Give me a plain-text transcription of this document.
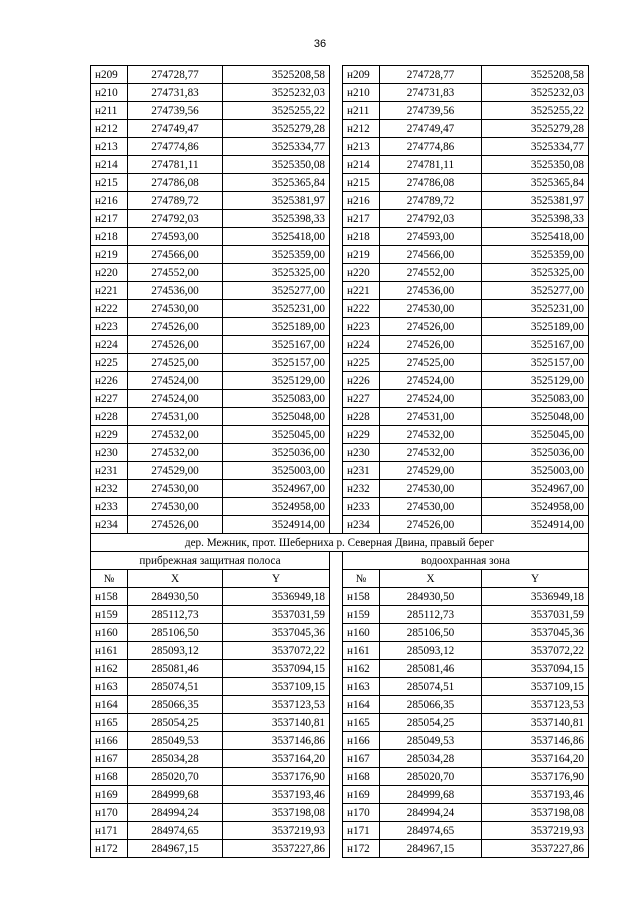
36
н209	274728,77	3525208,58		н209	274728,77	3525208,58
н210	274731,83	3525232,03		н210	274731,83	3525232,03
н211	274739,56	3525255,22		н211	274739,56	3525255,22
н212	274749,47	3525279,28		н212	274749,47	3525279,28
н213	274774,86	3525334,77		н213	274774,86	3525334,77
н214	274781,11	3525350,08		н214	274781,11	3525350,08
н215	274786,08	3525365,84		н215	274786,08	3525365,84
н216	274789,72	3525381,97		н216	274789,72	3525381,97
н217	274792,03	3525398,33		н217	274792,03	3525398,33
н218	274593,00	3525418,00		н218	274593,00	3525418,00
н219	274566,00	3525359,00		н219	274566,00	3525359,00
н220	274552,00	3525325,00		н220	274552,00	3525325,00
н221	274536,00	3525277,00		н221	274536,00	3525277,00
н222	274530,00	3525231,00		н222	274530,00	3525231,00
н223	274526,00	3525189,00		н223	274526,00	3525189,00
н224	274526,00	3525167,00		н224	274526,00	3525167,00
н225	274525,00	3525157,00		н225	274525,00	3525157,00
н226	274524,00	3525129,00		н226	274524,00	3525129,00
н227	274524,00	3525083,00		н227	274524,00	3525083,00
н228	274531,00	3525048,00		н228	274531,00	3525048,00
н229	274532,00	3525045,00		н229	274532,00	3525045,00
н230	274532,00	3525036,00		н230	274532,00	3525036,00
н231	274529,00	3525003,00		н231	274529,00	3525003,00
н232	274530,00	3524967,00		н232	274530,00	3524967,00
н233	274530,00	3524958,00		н233	274530,00	3524958,00
н234	274526,00	3524914,00		н234	274526,00	3524914,00
дер. Межник, прот. Шеберниха р. Северная Двина, правый берег						
прибрежная защитная полоса				водоохранная зона		
№	X	Y		№	X	Y
н158	284930,50	3536949,18		н158	284930,50	3536949,18
н159	285112,73	3537031,59		н159	285112,73	3537031,59
н160	285106,50	3537045,36		н160	285106,50	3537045,36
н161	285093,12	3537072,22		н161	285093,12	3537072,22
н162	285081,46	3537094,15		н162	285081,46	3537094,15
н163	285074,51	3537109,15		н163	285074,51	3537109,15
н164	285066,35	3537123,53		н164	285066,35	3537123,53
н165	285054,25	3537140,81		н165	285054,25	3537140,81
н166	285049,53	3537146,86		н166	285049,53	3537146,86
н167	285034,28	3537164,20		н167	285034,28	3537164,20
н168	285020,70	3537176,90		н168	285020,70	3537176,90
н169	284999,68	3537193,46		н169	284999,68	3537193,46
н170	284994,24	3537198,08		н170	284994,24	3537198,08
н171	284974,65	3537219,93		н171	284974,65	3537219,93
н172	284967,15	3537227,86		н172	284967,15	3537227,86
